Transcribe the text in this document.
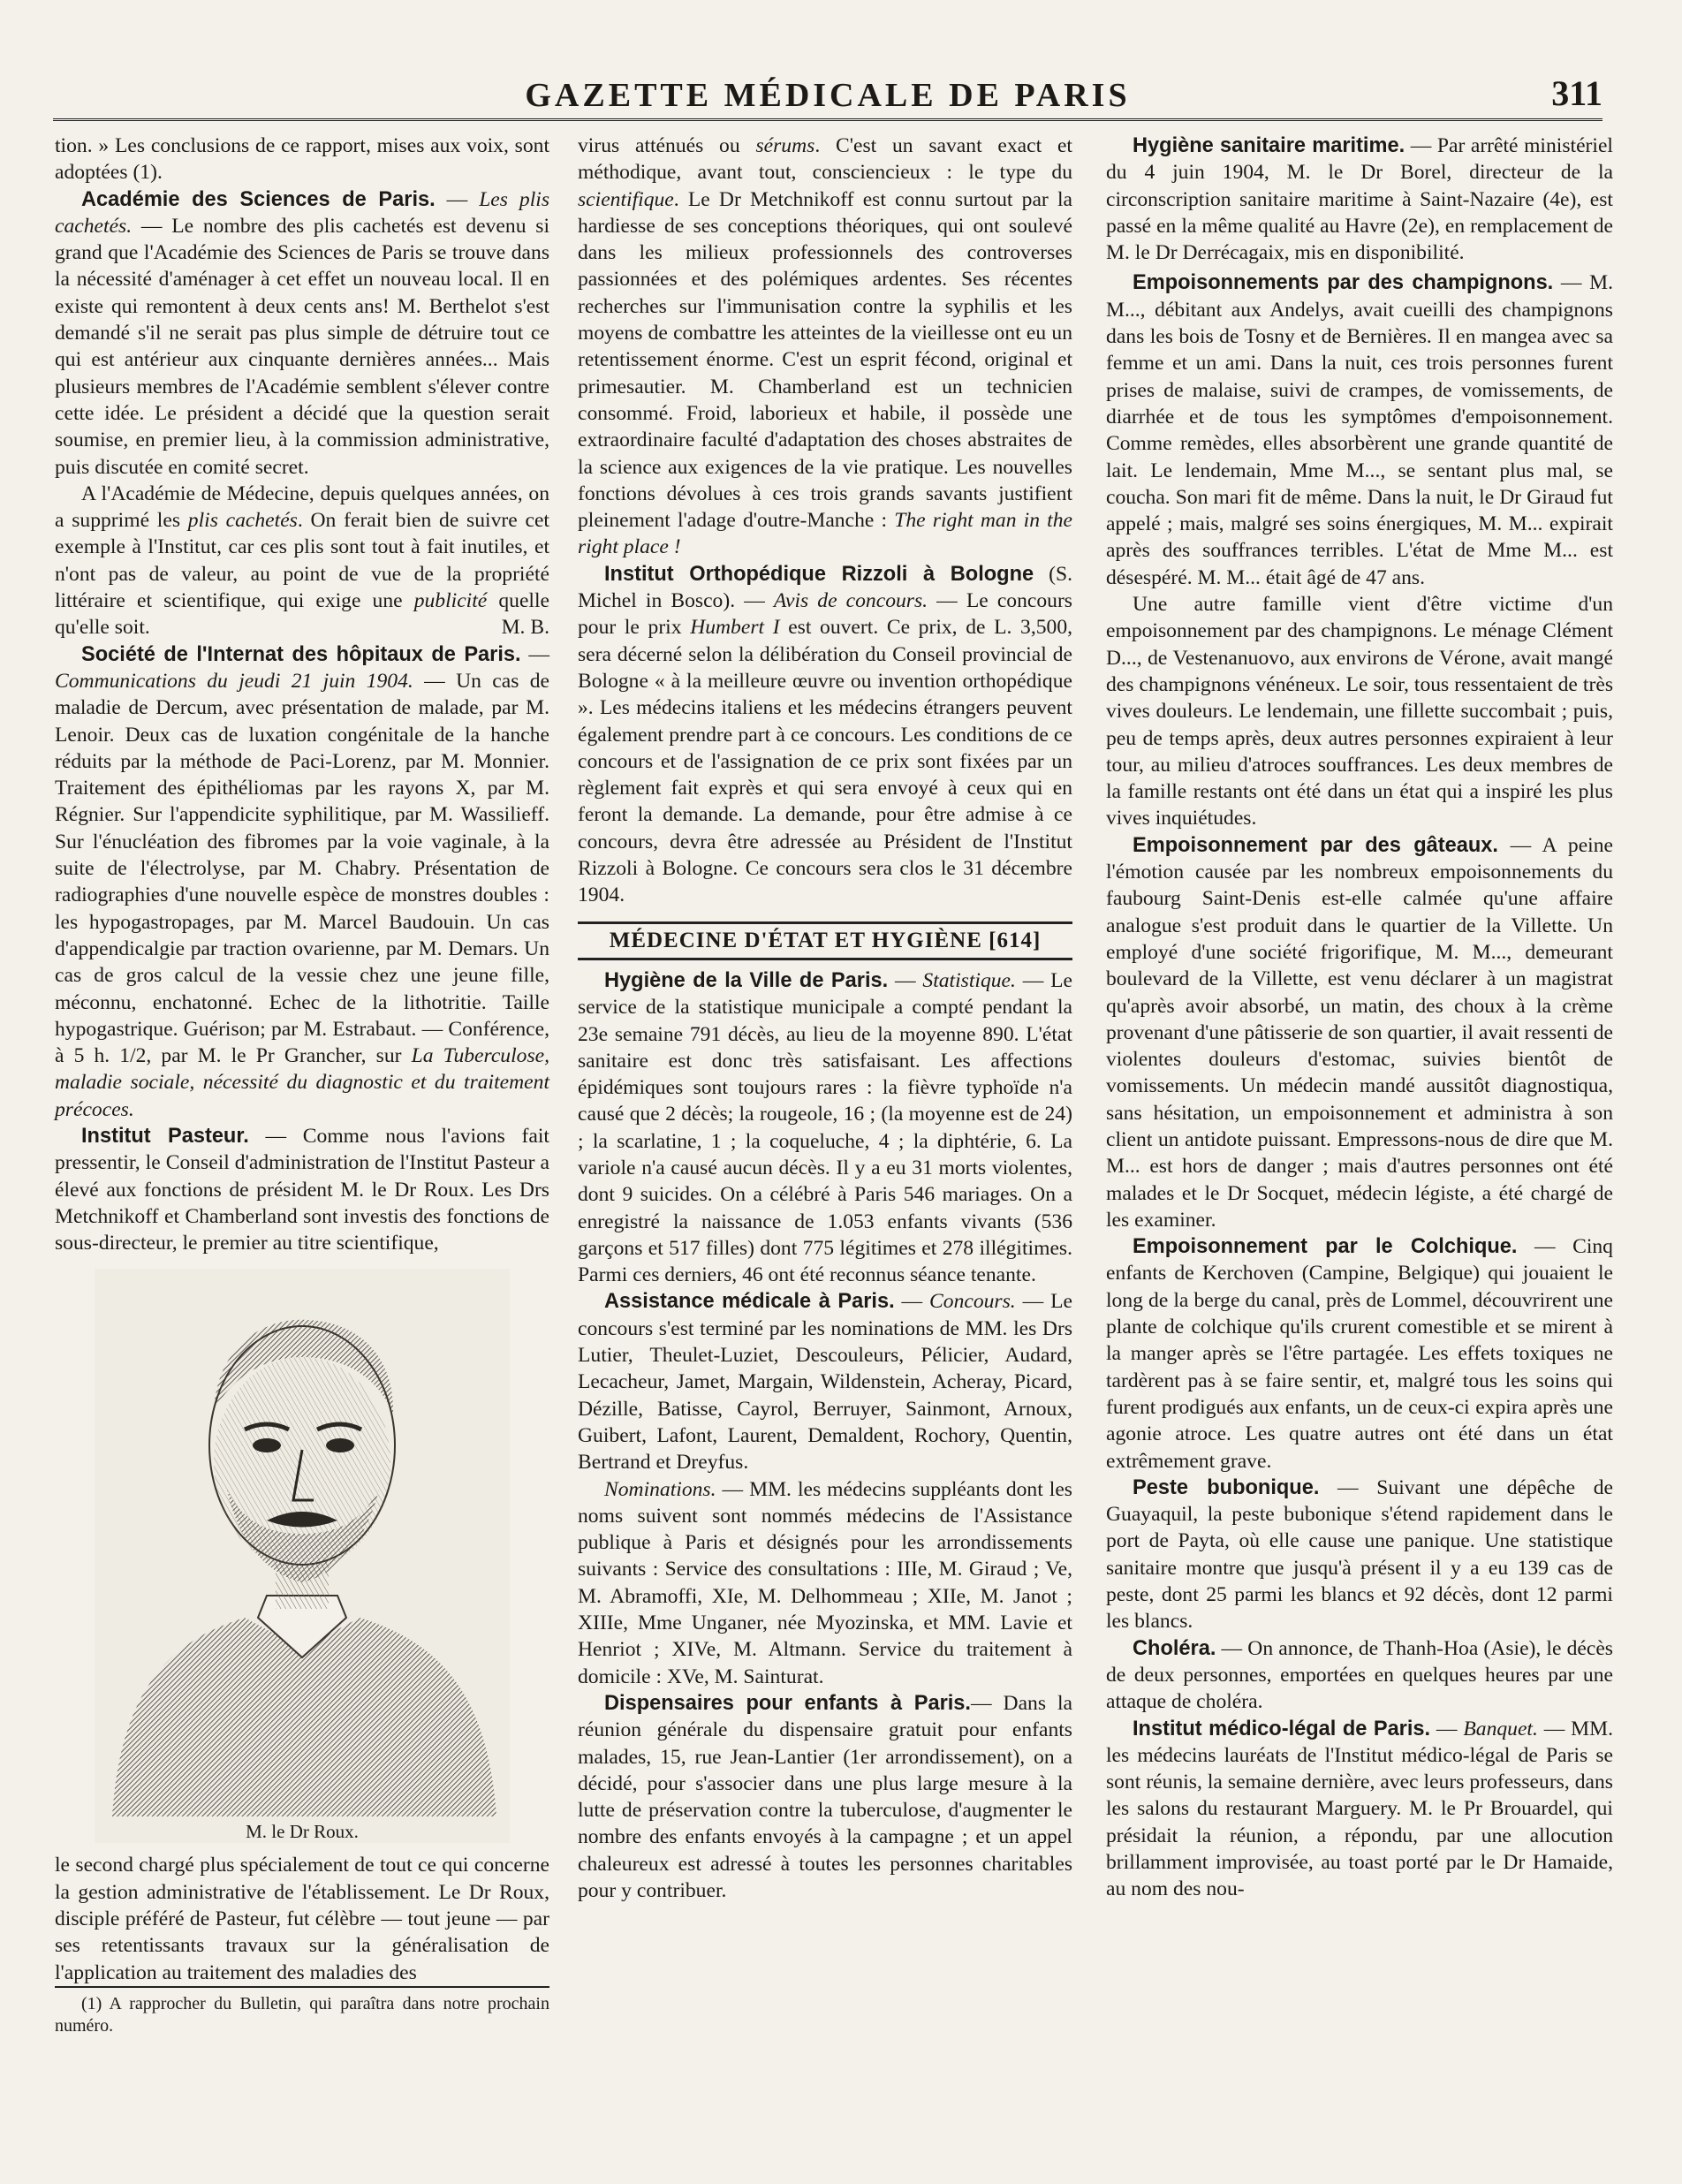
GAZETTE MÉDICALE DE PARIS	311

tion. » Les conclusions de ce rapport, mises aux voix, sont adoptées (1).

Académie des Sciences de Paris. — Les plis cachetés. — Le nombre des plis cachetés est devenu si grand que l'Académie des Sciences de Paris se trouve dans la nécessité d'aménager à cet effet un nouveau local. Il en existe qui remontent à deux cents ans! M. Berthelot s'est demandé s'il ne serait pas plus simple de détruire tout ce qui est antérieur aux cinquante dernières années... Mais plusieurs membres de l'Académie semblent s'élever contre cette idée. Le président a décidé que la question serait soumise, en premier lieu, à la commission administrative, puis discutée en comité secret.

A l'Académie de Médecine, depuis quelques années, on a supprimé les plis cachetés. On ferait bien de suivre cet exemple à l'Institut, car ces plis sont tout à fait inutiles, et n'ont pas de valeur, au point de vue de la propriété littéraire et scientifique, qui exige une publicité quelle qu'elle soit.	M. B.

Société de l'Internat des hôpitaux de Paris. — Communications du jeudi 21 juin 1904. — Un cas de maladie de Dercum, avec présentation de malade, par M. Lenoir. Deux cas de luxation congénitale de la hanche réduits par la méthode de Paci-Lorenz, par M. Monnier. Traitement des épithéliomas par les rayons X, par M. Régnier. Sur l'appendicite syphilitique, par M. Wassilieff. Sur l'énucléation des fibromes par la voie vaginale, à la suite de l'électrolyse, par M. Chabry. Présentation de radiographies d'une nouvelle espèce de monstres doubles : les hypogastropages, par M. Marcel Baudouin. Un cas d'appendicalgie par traction ovarienne, par M. Demars. Un cas de gros calcul de la vessie chez une jeune fille, méconnu, enchatonné. Echec de la lithotritie. Taille hypogastrique. Guérison; par M. Estrabaut. — Conférence, à 5 h. 1/2, par M. le Pr Grancher, sur La Tuberculose, maladie sociale, nécessité du diagnostic et du traitement précoces.

Institut Pasteur. — Comme nous l'avions fait pressentir, le Conseil d'administration de l'Institut Pasteur a élevé aux fonctions de président M. le Dr Roux. Les Drs Metchnikoff et Chamberland sont investis des fonctions de sous-directeur, le premier au titre scientifique,

M. le Dr Roux.

le second chargé plus spécialement de tout ce qui concerne la gestion administrative de l'établissement. Le Dr Roux, disciple préféré de Pasteur, fut célèbre — tout jeune — par ses retentissants travaux sur la généralisation de l'application au traitement des maladies des

(1) A rapprocher du Bulletin, qui paraîtra dans notre prochain numéro.

virus atténués ou sérums. C'est un savant exact et méthodique, avant tout, consciencieux : le type du scientifique. Le Dr Metchnikoff est connu surtout par la hardiesse de ses conceptions théoriques, qui ont soulevé dans les milieux professionnels des controverses passionnées et des polémiques ardentes. Ses récentes recherches sur l'immunisation contre la syphilis et les moyens de combattre les atteintes de la vieillesse ont eu un retentissement énorme. C'est un esprit fécond, original et primesautier. M. Chamberland est un technicien consommé. Froid, laborieux et habile, il possède une extraordinaire faculté d'adaptation des choses abstraites de la science aux exigences de la vie pratique. Les nouvelles fonctions dévolues à ces trois grands savants justifient pleinement l'adage d'outre-Manche : The right man in the right place !

Institut Orthopédique Rizzoli à Bologne (S. Michel in Bosco). — Avis de concours. — Le concours pour le prix Humbert I est ouvert. Ce prix, de L. 3,500, sera décerné selon la délibération du Conseil provincial de Bologne « à la meilleure œuvre ou invention orthopédique ». Les médecins italiens et les médecins étrangers peuvent également prendre part à ce concours. Les conditions de ce concours et de l'assignation de ce prix sont fixées par un règlement fait exprès et qui sera envoyé à ceux qui en feront la demande. La demande, pour être admise à ce concours, devra être adressée au Président de l'Institut Rizzoli à Bologne. Ce concours sera clos le 31 décembre 1904.

MÉDECINE D'ÉTAT ET HYGIÈNE [614]

Hygiène de la Ville de Paris. — Statistique. — Le service de la statistique municipale a compté pendant la 23e semaine 791 décès, au lieu de la moyenne 890. L'état sanitaire est donc très satisfaisant. Les affections épidémiques sont toujours rares : la fièvre typhoïde n'a causé que 2 décès; la rougeole, 16 ; (la moyenne est de 24) ; la scarlatine, 1 ; la coqueluche, 4 ; la diphtérie, 6. La variole n'a causé aucun décès. Il y a eu 31 morts violentes, dont 9 suicides. On a célébré à Paris 546 mariages. On a enregistré la naissance de 1.053 enfants vivants (536 garçons et 517 filles) dont 775 légitimes et 278 illégitimes. Parmi ces derniers, 46 ont été reconnus séance tenante.

Assistance médicale à Paris. — Concours. — Le concours s'est terminé par les nominations de MM. les Drs Lutier, Theulet-Luziet, Descouleurs, Pélicier, Audard, Lecacheur, Jamet, Margain, Wildenstein, Acheray, Picard, Dézille, Batisse, Cayrol, Berruyer, Sainmont, Arnoux, Guibert, Lafont, Laurent, Demaldent, Rochory, Quentin, Bertrand et Dreyfus.

Nominations. — MM. les médecins suppléants dont les noms suivent sont nommés médecins de l'Assistance publique à Paris et désignés pour les arrondissements suivants : Service des consultations : IIIe, M. Giraud ; Ve, M. Abramoffi, XIe, M. Delhommeau ; XIIe, M. Janot ; XIIIe, Mme Unganer, née Myozinska, et MM. Lavie et Henriot ; XIVe, M. Altmann. Service du traitement à domicile : XVe, M. Sainturat.

Dispensaires pour enfants à Paris.— Dans la réunion générale du dispensaire gratuit pour enfants malades, 15, rue Jean-Lantier (1er arrondissement), on a décidé, pour s'associer dans une plus large mesure à la lutte de préservation contre la tuberculose, d'augmenter le nombre des enfants envoyés à la campagne ; et un appel chaleureux est adressé à toutes les personnes charitables pour y contribuer.

Hygiène sanitaire maritime. — Par arrêté ministériel du 4 juin 1904, M. le Dr Borel, directeur de la circonscription sanitaire maritime à Saint-Nazaire (4e), est passé en la même qualité au Havre (2e), en remplacement de M. le Dr Derrécagaix, mis en disponibilité.

Empoisonnements par des champignons. — M. M..., débitant aux Andelys, avait cueilli des champignons dans les bois de Tosny et de Bernières. Il en mangea avec sa femme et un ami. Dans la nuit, ces trois personnes furent prises de malaise, suivi de crampes, de vomissements, de diarrhée et de tous les symptômes d'empoisonnement. Comme remèdes, elles absorbèrent une grande quantité de lait. Le lendemain, Mme M..., se sentant plus mal, se coucha. Son mari fit de même. Dans la nuit, le Dr Giraud fut appelé ; mais, malgré ses soins énergiques, M. M... expirait après des souffrances terribles. L'état de Mme M... est désespéré. M. M... était âgé de 47 ans.

Une autre famille vient d'être victime d'un empoisonnement par des champignons. Le ménage Clément D..., de Vestenanuovo, aux environs de Vérone, avait mangé des champignons vénéneux. Le soir, tous ressentaient de très vives douleurs. Le lendemain, une fillette succombait ; puis, peu de temps après, deux autres personnes expiraient à leur tour, au milieu d'atroces souffrances. Les deux membres de la famille restants ont été dans un état qui a inspiré les plus vives inquiétudes.

Empoisonnement par des gâteaux. — A peine l'émotion causée par les nombreux empoisonnements du faubourg Saint-Denis est-elle calmée qu'une affaire analogue s'est produit dans le quartier de la Villette. Un employé d'une société frigorifique, M. M..., demeurant boulevard de la Villette, est venu déclarer à un magistrat qu'après avoir absorbé, un matin, des choux à la crème provenant d'une pâtisserie de son quartier, il avait ressenti de violentes douleurs d'estomac, suivies bientôt de vomissements. Un médecin mandé aussitôt diagnostiqua, sans hésitation, un empoisonnement et administra à son client un antidote puissant. Empressons-nous de dire que M. M... est hors de danger ; mais d'autres personnes ont été malades et le Dr Socquet, médecin légiste, a été chargé de les examiner.

Empoisonnement par le Colchique. — Cinq enfants de Kerchoven (Campine, Belgique) qui jouaient le long de la berge du canal, près de Lommel, découvrirent une plante de colchique qu'ils crurent comestible et se mirent à la manger après se l'être partagée. Les effets toxiques ne tardèrent pas à se faire sentir, et, malgré tous les soins qui furent prodigués aux enfants, un de ceux-ci expira après une agonie atroce. Les quatre autres ont été dans un état extrêmement grave.

Peste bubonique. — Suivant une dépêche de Guayaquil, la peste bubonique s'étend rapidement dans le port de Payta, où elle cause une panique. Une statistique sanitaire montre que jusqu'à présent il y a eu 139 cas de peste, dont 25 parmi les blancs et 92 décès, dont 12 parmi les blancs.

Choléra. — On annonce, de Thanh-Hoa (Asie), le décès de deux personnes, emportées en quelques heures par une attaque de choléra.

Institut médico-légal de Paris. — Banquet. — MM. les médecins lauréats de l'Institut médico-légal de Paris se sont réunis, la semaine dernière, avec leurs professeurs, dans les salons du restaurant Marguery. M. le Pr Brouardel, qui présidait la réunion, a répondu, par une allocution brillamment improvisée, au toast porté par le Dr Hamaide, au nom des nou-
